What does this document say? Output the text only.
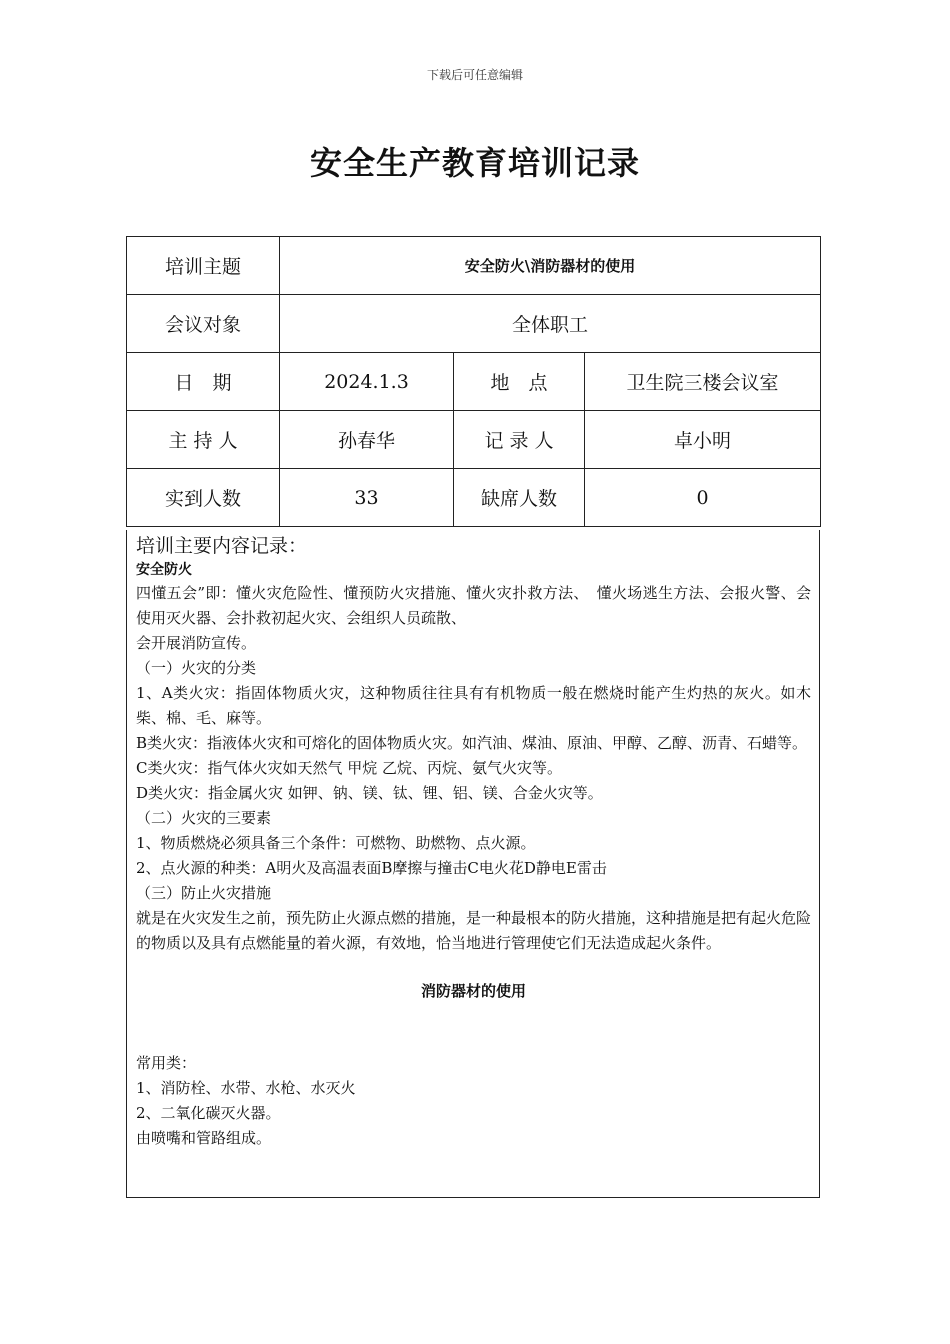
下载后可任意编辑
安全生产教育培训记录
培训主题	安全防火\消防器材的使用		
会议对象	全体职工		
日　期	2024.1.3	地　点	卫生院三楼会议室
主 持 人	孙春华	记 录 人	卓小明
实到人数	33	缺席人数	0
培训主要内容记录：
安全防火

四懂五会”即：懂火灾危险性、懂预防火灾措施、懂火灾扑救方法、　懂火场逃生方法、会报火警、会使用灭火器、会扑救初起火灾、会组织人员疏散、

会开展消防宣传。

（一）火灾的分类

1、A类火灾：指固体物质火灾，这种物质往往具有有机物质一般在燃烧时能产生灼热的灰火。如木柴、棉、毛、麻等。

B类火灾：指液体火灾和可熔化的固体物质火灾。如汽油、煤油、原油、甲醇、乙醇、沥青、石蜡等。

C类火灾：指气体火灾如天然气 甲烷 乙烷、丙烷、氨气火灾等。

D类火灾：指金属火灾 如钾、钠、镁、钛、锂、铝、镁、合金火灾等。

（二）火灾的三要素

1、物质燃烧必须具备三个条件：可燃物、助燃物、点火源。

2、点火源的种类：A明火及高温表面B摩擦与撞击C电火花D静电E雷击

（三）防止火灾措施

就是在火灾发生之前，预先防止火源点燃的措施，是一种最根本的防火措施，这种措施是把有起火危险的物质以及具有点燃能量的着火源，有效地，恰当地进行管理使它们无法造成起火条件。

消防器材的使用

常用类：

1、消防栓、水带、水枪、水灭火

2、二氧化碳灭火器。

由喷嘴和管路组成。
